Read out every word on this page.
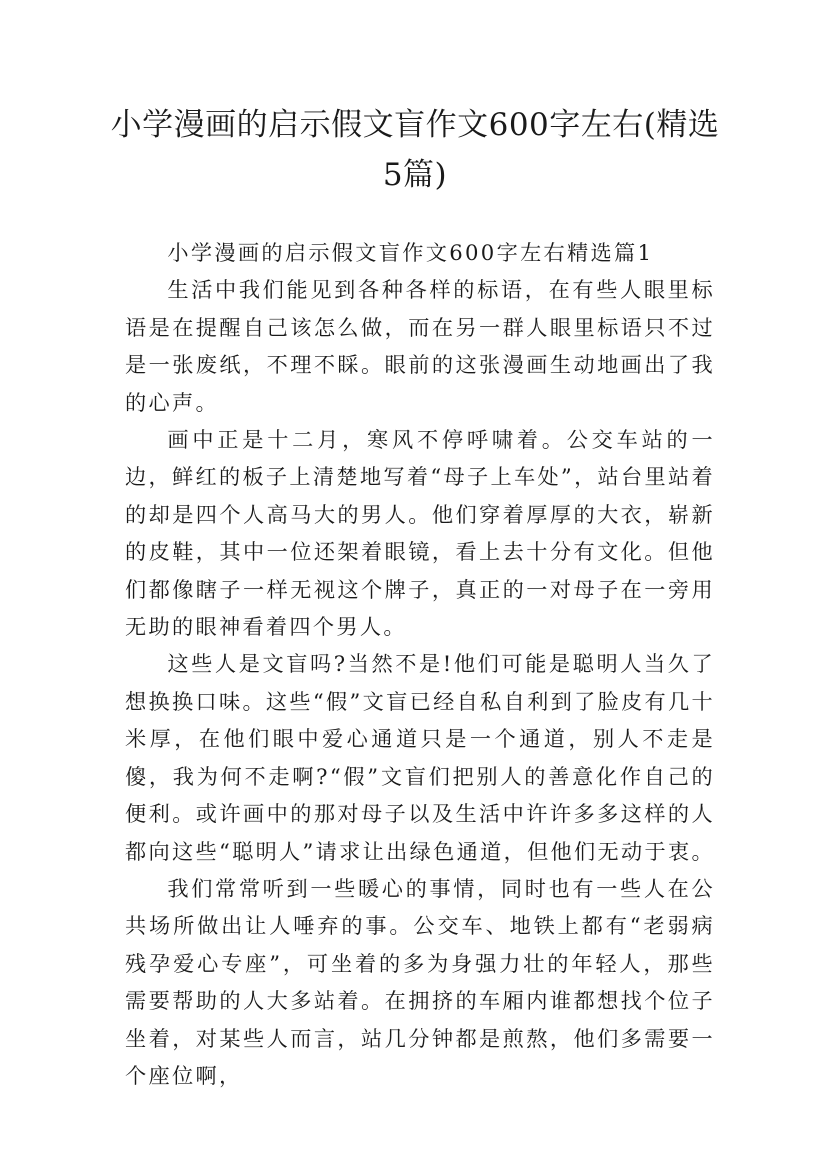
小学漫画的启示假文盲作文600字左右(精选5篇)

小学漫画的启示假文盲作文600字左右精选篇1

生活中我们能见到各种各样的标语，在有些人眼里标语是在提醒自己该怎么做，而在另一群人眼里标语只不过是一张废纸，不理不睬。眼前的这张漫画生动地画出了我的心声。

画中正是十二月，寒风不停呼啸着。公交车站的一边，鲜红的板子上清楚地写着“母子上车处”，站台里站着的却是四个人高马大的男人。他们穿着厚厚的大衣，崭新的皮鞋，其中一位还架着眼镜，看上去十分有文化。但他们都像瞎子一样无视这个牌子，真正的一对母子在一旁用无助的眼神看着四个男人。

这些人是文盲吗?当然不是!他们可能是聪明人当久了想换换口味。这些“假”文盲已经自私自利到了脸皮有几十米厚，在他们眼中爱心通道只是一个通道，别人不走是傻，我为何不走啊?“假”文盲们把别人的善意化作自己的便利。或许画中的那对母子以及生活中许许多多这样的人都向这些“聪明人”请求让出绿色通道，但他们无动于衷。

我们常常听到一些暖心的事情，同时也有一些人在公共场所做出让人唾弃的事。公交车、地铁上都有“老弱病残孕爱心专座”，可坐着的多为身强力壮的年轻人，那些需要帮助的人大多站着。在拥挤的车厢内谁都想找个位子坐着，对某些人而言，站几分钟都是煎熬，他们多需要一个座位啊，
